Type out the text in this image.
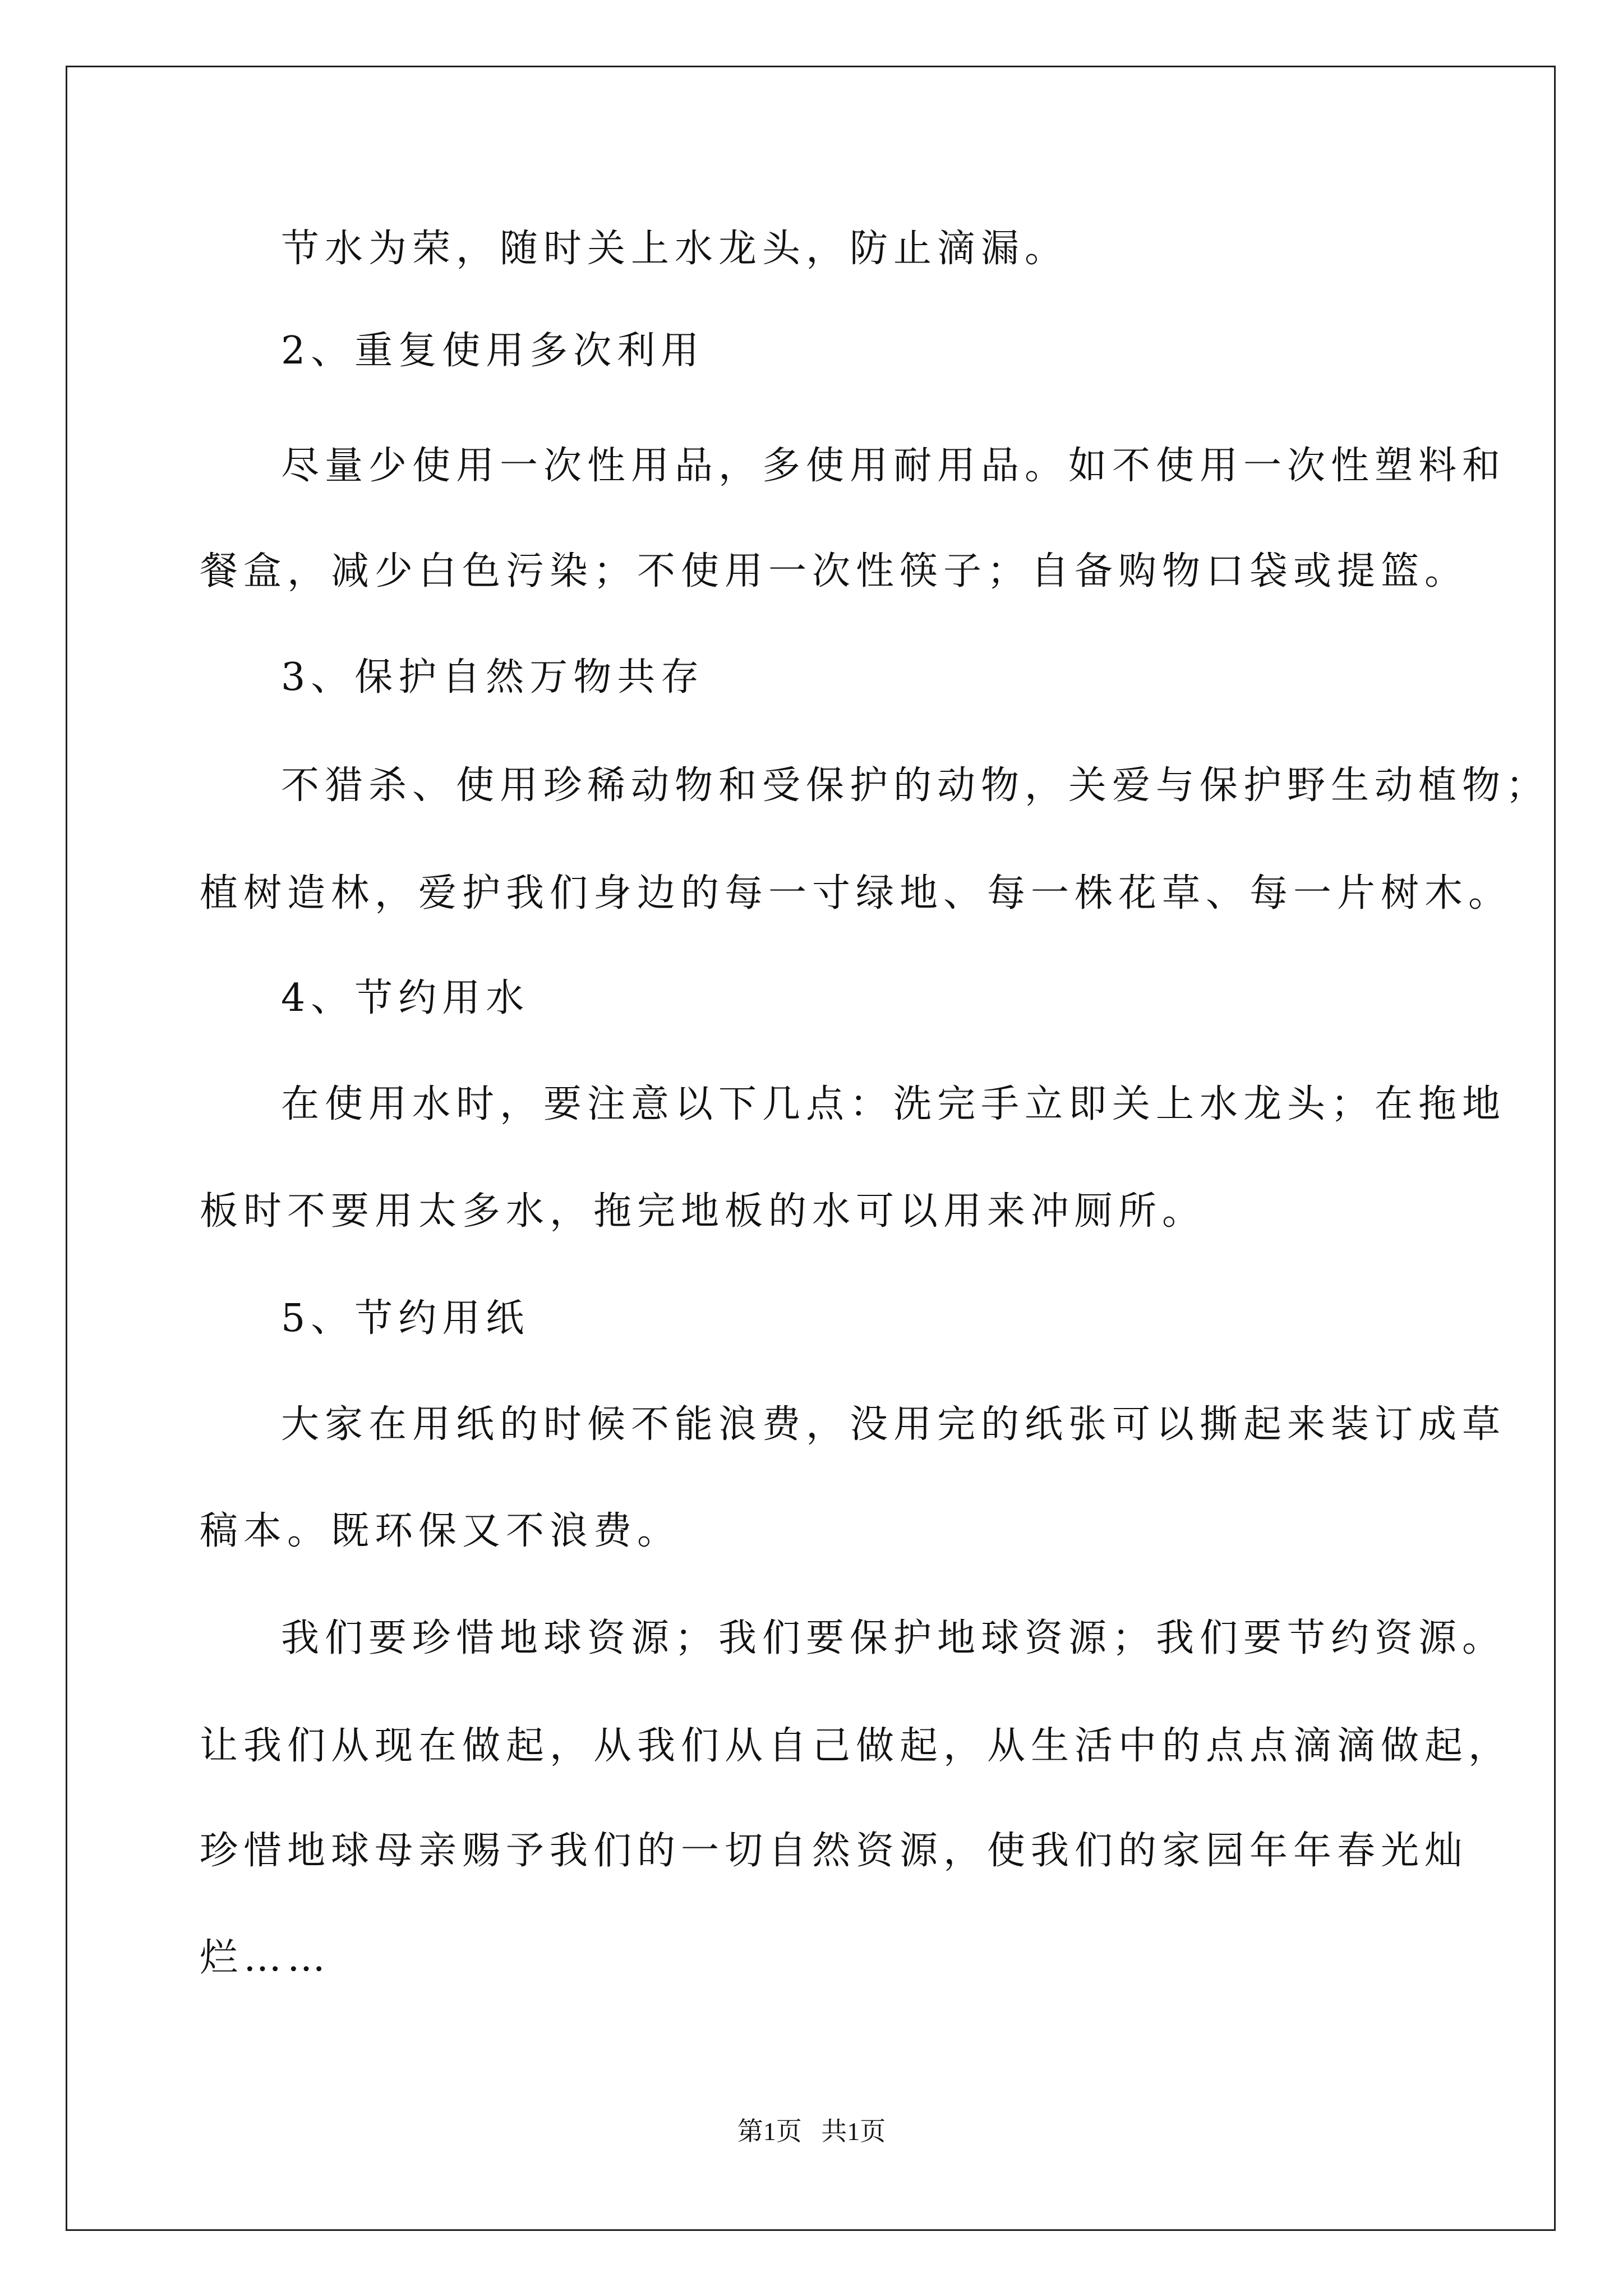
节水为荣，随时关上水龙头，防止滴漏。

2、重复使用多次利用

尽量少使用一次性用品，多使用耐用品。如不使用一次性塑料和

餐盒，减少白色污染；不使用一次性筷子；自备购物口袋或提篮。

3、保护自然万物共存

不猎杀、使用珍稀动物和受保护的动物，关爱与保护野生动植物；

植树造林，爱护我们身边的每一寸绿地、每一株花草、每一片树木。

4、节约用水

在使用水时，要注意以下几点：洗完手立即关上水龙头；在拖地

板时不要用太多水，拖完地板的水可以用来冲厕所。

5、节约用纸

大家在用纸的时候不能浪费，没用完的纸张可以撕起来装订成草

稿本。既环保又不浪费。

我们要珍惜地球资源；我们要保护地球资源；我们要节约资源。

让我们从现在做起，从我们从自己做起，从生活中的点点滴滴做起，

珍惜地球母亲赐予我们的一切自然资源，使我们的家园年年春光灿

烂……

第1页   共1页
